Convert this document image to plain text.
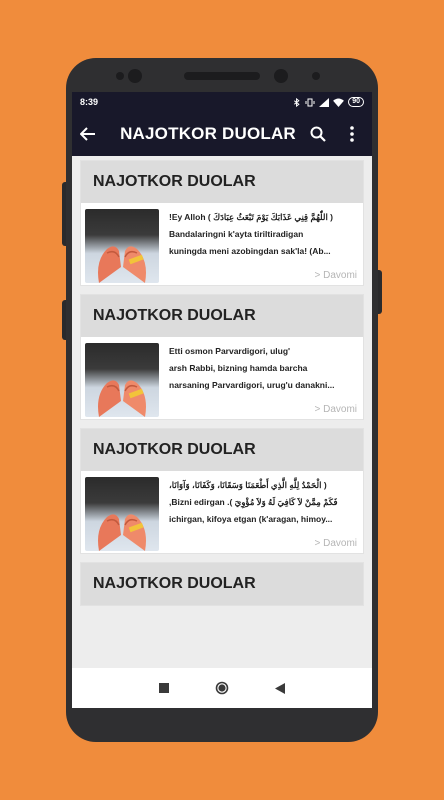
8:39	90
NAJOTKOR DUOLAR
NAJOTKOR DUOLAR
( اللّٰهُمَّ قِنِي عَذَابَكَ يَوْمَ تَبْعَثُ عِبَادَكَ ) Ey Alloh!
Bandalaringni k'ayta tiriltiradigan
kuningda meni azobingdan sak'la! (Ab...
> Davomi
NAJOTKOR DUOLAR
Etti osmon Parvardigori, ulug'
arsh Rabbi, bizning hamda barcha
narsaning Parvardigori, urug'u danakni...
> Davomi
NAJOTKOR DUOLAR
( الْحَمْدُ لِلَّهِ الَّذِي أَطْعَمَنَا وَسَقَانَا، وَكَفَانَا، وَآوَانَا،
فَكَمْ مِمَّنْ لاَ كَافِيَ لَهُ وَلاَ مُؤْوِيَ ). Bizni edirgan,
ichirgan, kifoya etgan (k'aragan, himoy...
> Davomi
NAJOTKOR DUOLAR
